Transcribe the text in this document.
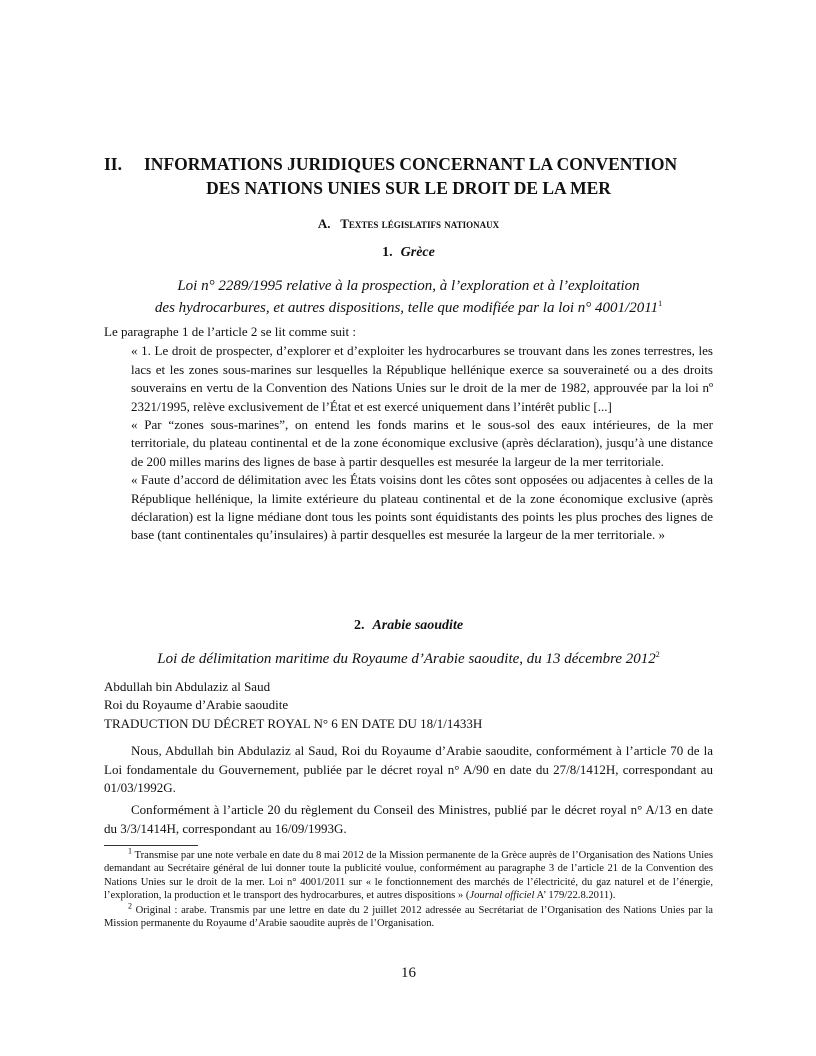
II. INFORMATIONS JURIDIQUES CONCERNANT LA CONVENTION
DES NATIONS UNIES SUR LE DROIT DE LA MER
A. Textes législatifs nationaux
1. Grèce
Loi n° 2289/1995 relative à la prospection, à l’exploration et à l’exploitation
des hydrocarbures, et autres dispositions, telle que modifiée par la loi n° 4001/2011$^1$

Le paragraphe 1 de l’article 2 se lit comme suit :

« 1. Le droit de prospecter, d’explorer et d’exploiter les hydrocarbures se trouvant dans les zones terrestres, les lacs et les zones sous-marines sur lesquelles la République hellénique exerce sa souveraineté ou a des droits souverains en vertu de la Convention des Nations Unies sur le droit de la mer de 1982, approuvée par la loi nº 2321/1995, relève exclusivement de l’État et est exercé uniquement dans l’intérêt public [...]

« Par “zones sous-marines”, on entend les fonds marins et le sous-sol des eaux intérieures, de la mer territoriale, du plateau continental et de la zone économique exclusive (après déclaration), jusqu’à une distance de 200 milles marins des lignes de base à partir desquelles est mesurée la largeur de la mer territoriale.

« Faute d’accord de délimitation avec les États voisins dont les côtes sont opposées ou adjacentes à celles de la République hellénique, la limite extérieure du plateau continental et de la zone économique exclusive (après déclaration) est la ligne médiane dont tous les points sont équidistants des points les plus proches des lignes de base (tant continentales qu’insulaires) à partir desquelles est mesurée la largeur de la mer territoriale. »

2. Arabie saoudite
Loi de délimitation maritime du Royaume d’Arabie saoudite, du 13 décembre 2012$^2$

Abdullah bin Abdulaziz al Saud

Roi du Royaume d’Arabie saoudite

TRADUCTION DU DÉCRET ROYAL N° 6 EN DATE DU 18/1/1433H

Nous, Abdullah bin Abdulaziz al Saud, Roi du Royaume d’Arabie saoudite, conformément à l’article 70 de la Loi fondamentale du Gouvernement, publiée par le décret royal n° A/90 en date du 27/8/1412H, correspondant au 01/03/1992G.

Conformément à l’article 20 du règlement du Conseil des Ministres, publié par le décret royal n° A/13 en date du 3/3/1414H, correspondant au 16/09/1993G.

$^1$ Transmise par une note verbale en date du 8 mai 2012 de la Mission permanente de la Grèce auprès de l’Organisation des Nations Unies demandant au Secrétaire général de lui donner toute la publicité voulue, conformément au paragraphe 3 de l’article 21 de la Convention des Nations Unies sur le droit de la mer. Loi n° 4001/2011 sur « le fonctionnement des marchés de l’électricité, du gaz naturel et de l’énergie, l’exploration, la production et le transport des hydrocarbures, et autres dispositions » (Journal officiel A’ 179/22.8.2011).

$^2$ Original : arabe. Transmis par une lettre en date du 2 juillet 2012 adressée au Secrétariat de l’Organisation des Nations Unies par la Mission permanente du Royaume d’Arabie saoudite auprès de l’Organisation.

16
